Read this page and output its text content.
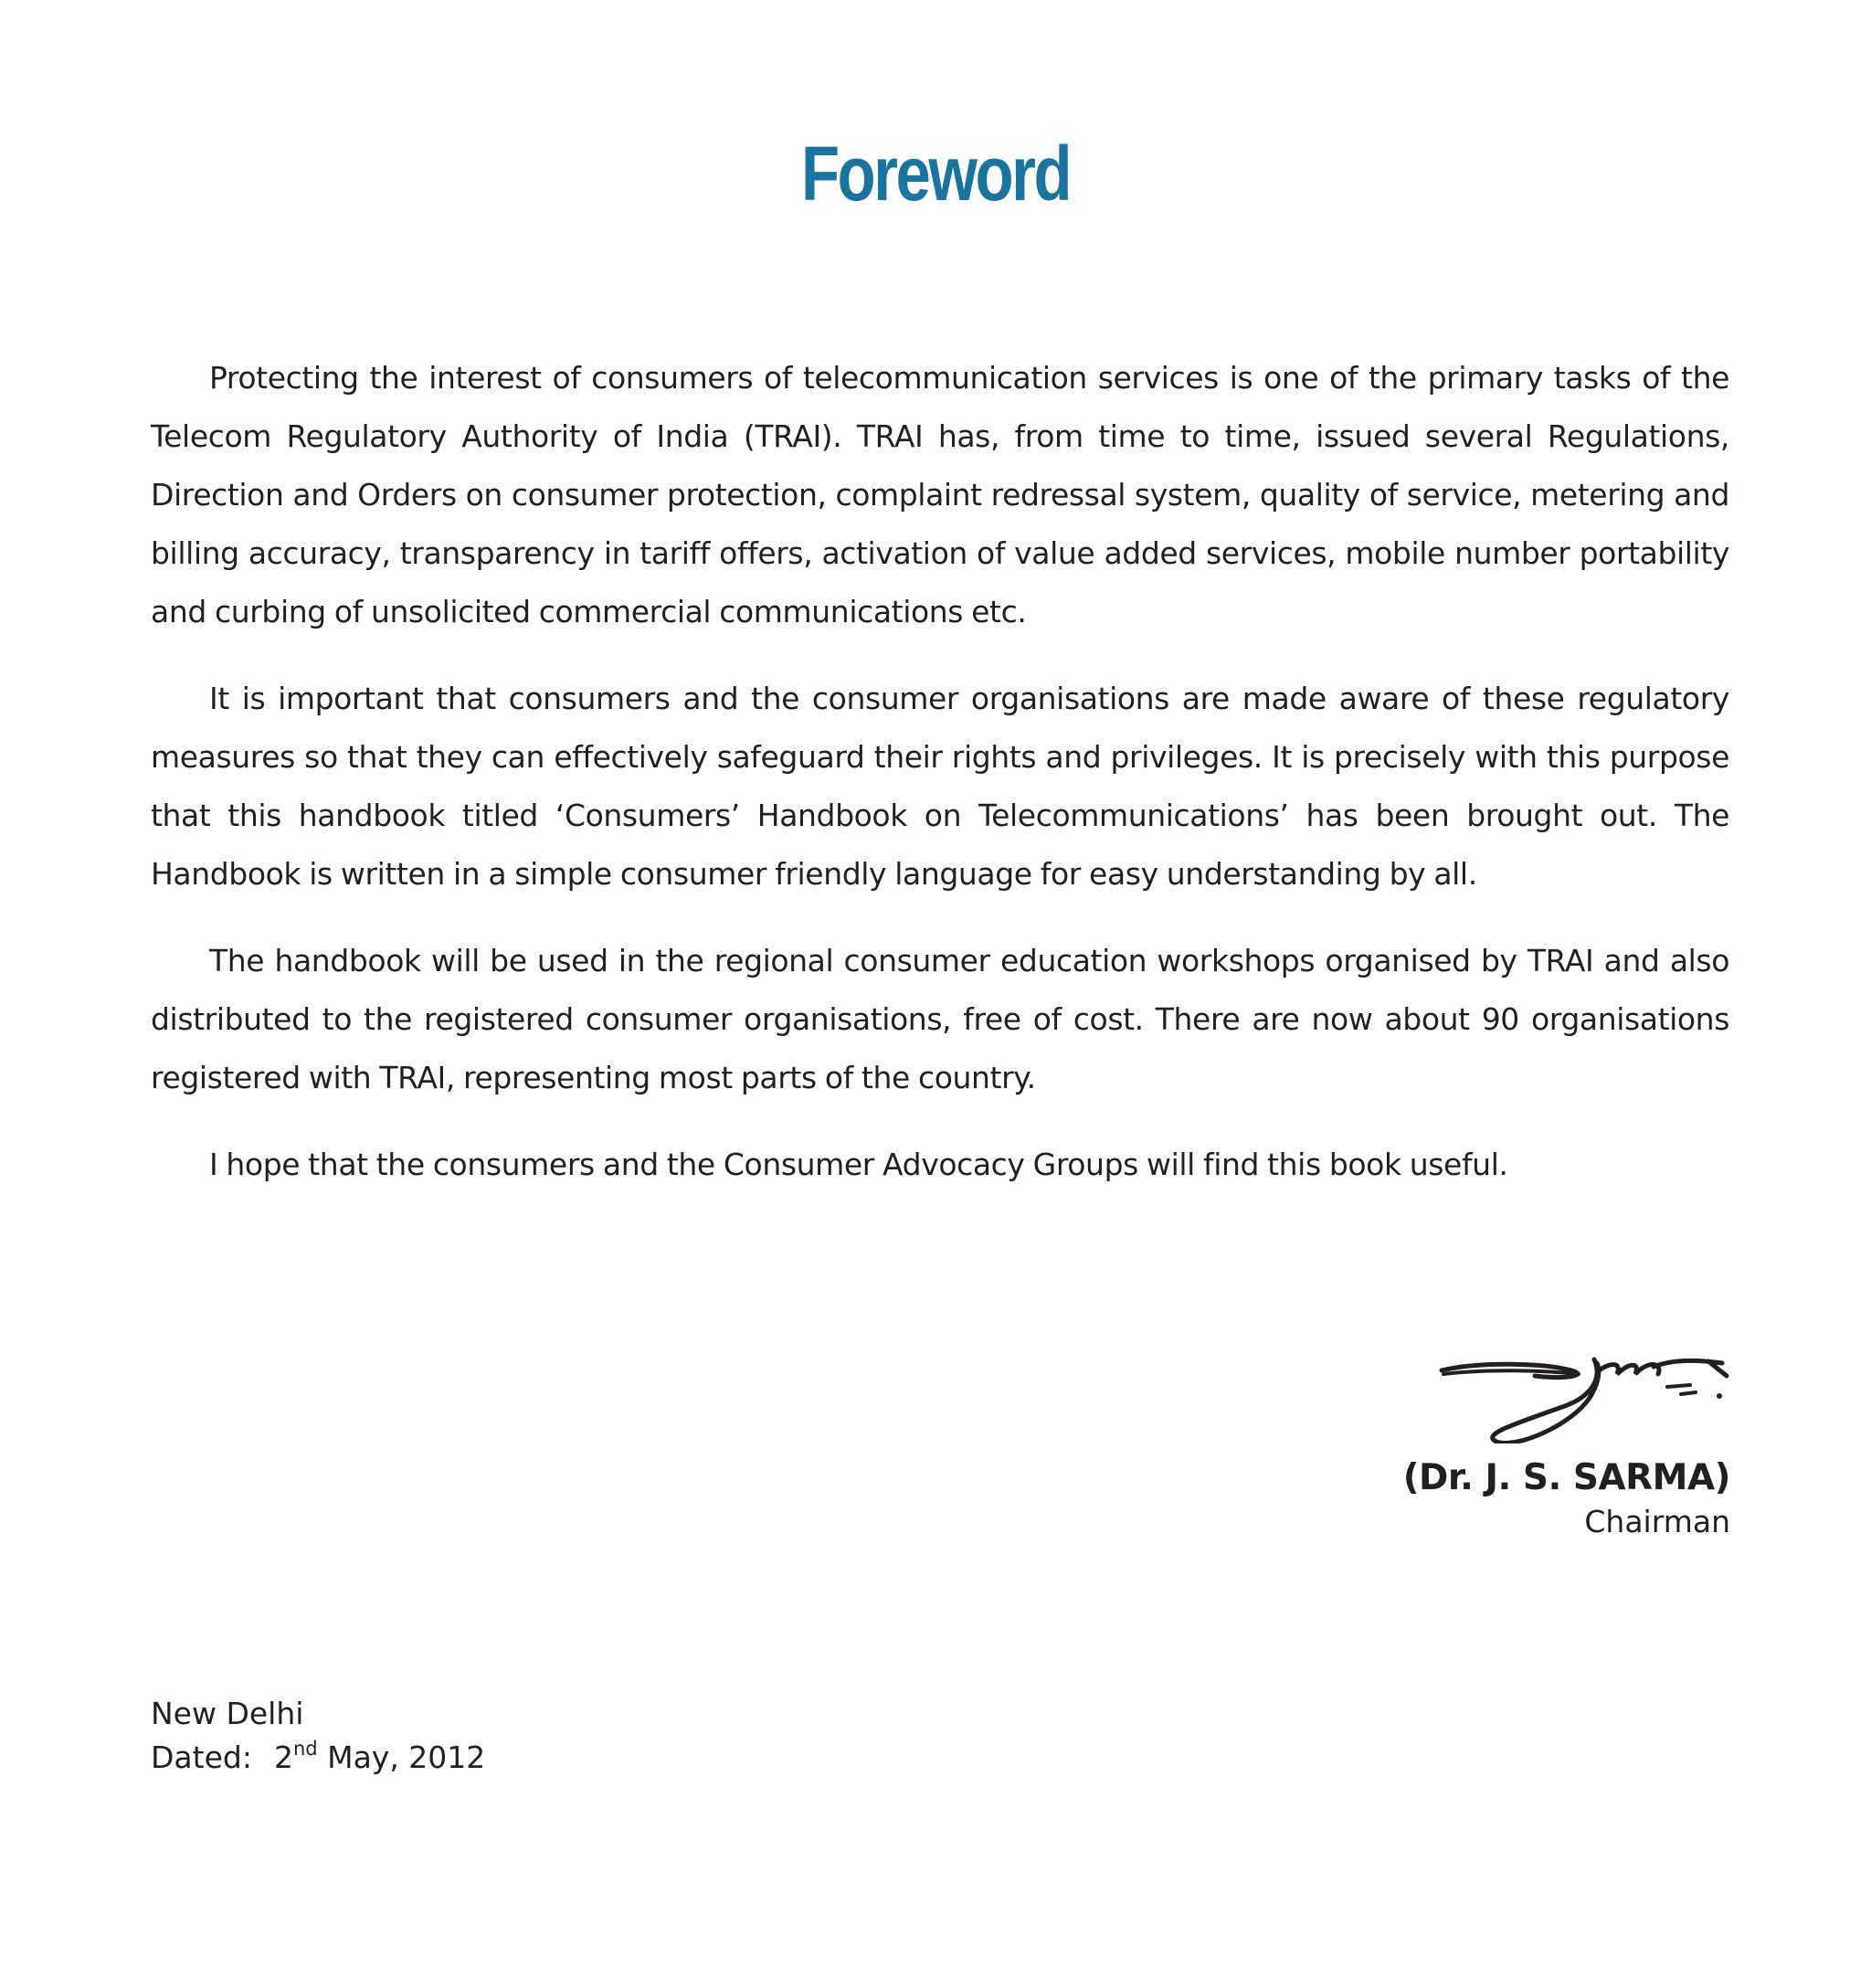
Foreword

Protecting the interest of consumers of telecommunication services is one of the primary tasks of the Telecom Regulatory Authority of India (TRAI). TRAI has, from time to time, issued several Regulations, Direction and Orders on consumer protection, complaint redressal system, quality of service, metering and billing accuracy, transparency in tariff offers, activation of value added services, mobile number portability and curbing of unsolicited commercial communications etc.

It is important that consumers and the consumer organisations are made aware of these regulatory measures so that they can effectively safeguard their rights and privileges. It is precisely with this purpose that this handbook titled ‘Consumers’ Handbook on Telecommunications’ has been brought out. The Handbook is written in a simple consumer friendly language for easy understanding by all.

The handbook will be used in the regional consumer education workshops organised by TRAI and also distributed to the registered consumer organisations, free of cost. There are now about 90 organisations registered with TRAI, representing most parts of the country.

I hope that the consumers and the Consumer Advocacy Groups will find this book useful.

(Dr. J. S. SARMA)
Chairman
New Delhi
Dated: 2nd May, 2012
